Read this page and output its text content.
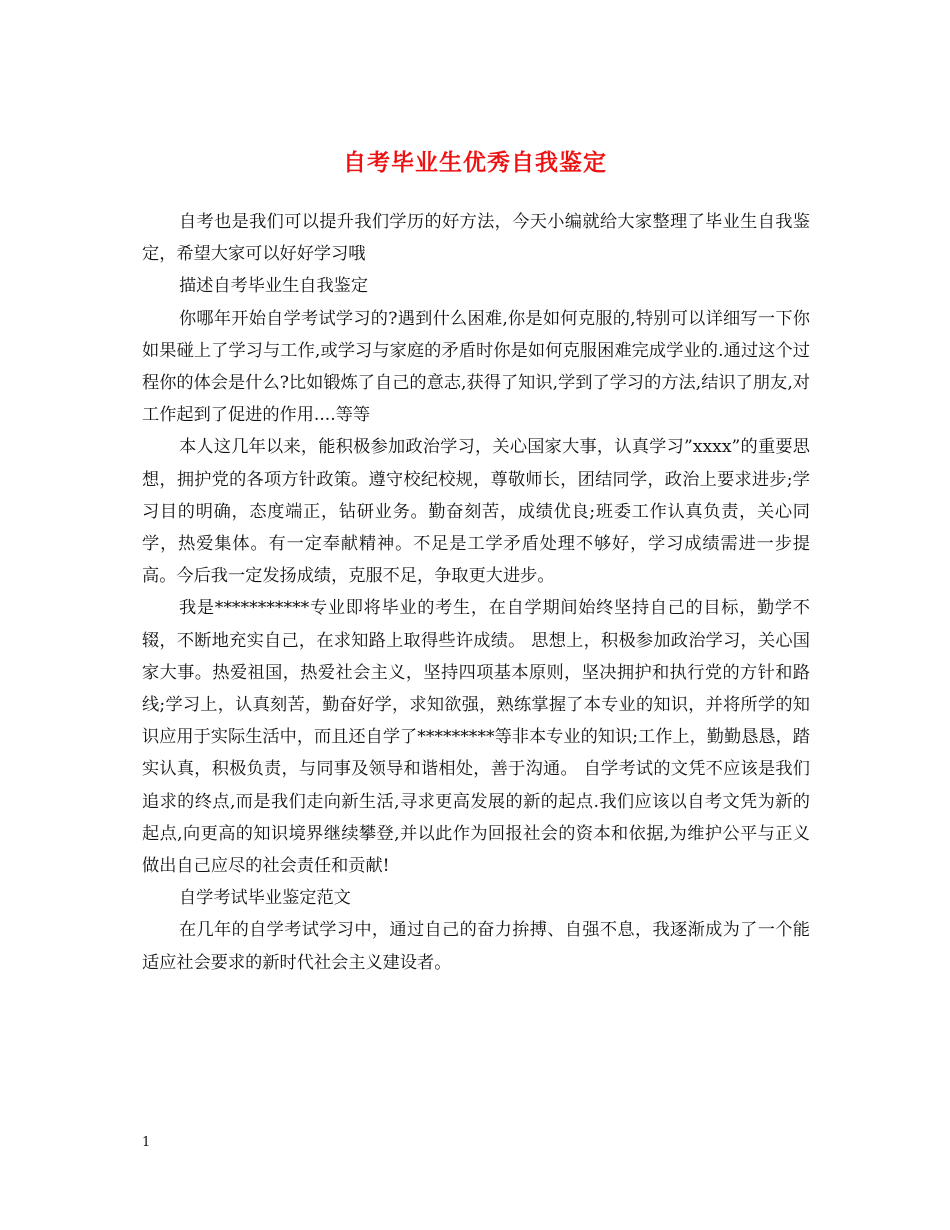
自考毕业生优秀自我鉴定

自考也是我们可以提升我们学历的好方法，今天小编就给大家整理了毕业生自我鉴定，希望大家可以好好学习哦

描述自考毕业生自我鉴定

你哪年开始自学考试学习的?遇到什么困难,你是如何克服的,特别可以详细写一下你如果碰上了学习与工作,或学习与家庭的矛盾时你是如何克服困难完成学业的.通过这个过程你的体会是什么?比如锻炼了自己的意志,获得了知识,学到了学习的方法,结识了朋友,对工作起到了促进的作用....等等

本人这几年以来，能积极参加政治学习，关心国家大事，认真学习”xxxx”的重要思想，拥护党的各项方针政策。遵守校纪校规，尊敬师长，团结同学，政治上要求进步;学习目的明确，态度端正，钻研业务。勤奋刻苦，成绩优良;班委工作认真负责，关心同学，热爱集体。有一定奉献精神。不足是工学矛盾处理不够好，学习成绩需进一步提高。今后我一定发扬成绩，克服不足，争取更大进步。

我是***********专业即将毕业的考生，在自学期间始终坚持自己的目标，勤学不辍，不断地充实自己，在求知路上取得些许成绩。 思想上，积极参加政治学习，关心国家大事。热爱祖国，热爱社会主义，坚持四项基本原则，坚决拥护和执行党的方针和路线;学习上，认真刻苦，勤奋好学，求知欲强，熟练掌握了本专业的知识，并将所学的知识应用于实际生活中，而且还自学了*********等非本专业的知识;工作上，勤勤恳恳，踏实认真，积极负责，与同事及领导和谐相处，善于沟通。 自学考试的文凭不应该是我们追求的终点,而是我们走向新生活,寻求更高发展的新的起点.我们应该以自考文凭为新的起点,向更高的知识境界继续攀登,并以此作为回报社会的资本和依据,为维护公平与正义做出自己应尽的社会责任和贡献!

自学考试毕业鉴定范文

在几年的自学考试学习中，通过自己的奋力拚搏、自强不息，我逐渐成为了一个能适应社会要求的新时代社会主义建设者。

1
